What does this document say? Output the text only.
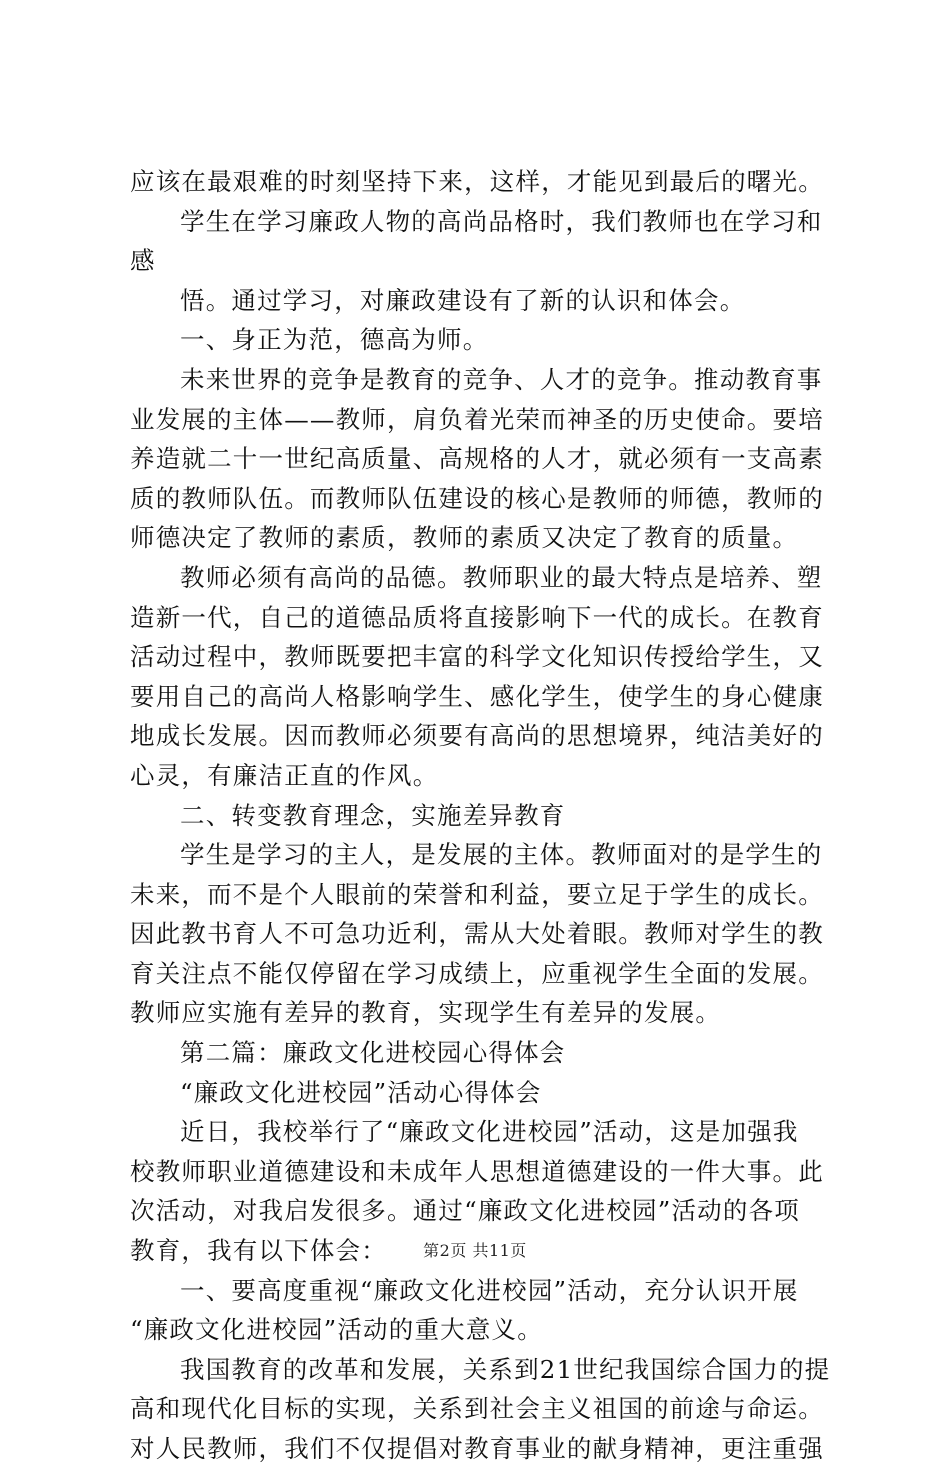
应该在最艰难的时刻坚持下来，这样，才能见到最后的曙光。
学生在学习廉政人物的高尚品格时，我们教师也在学习和
感
悟。通过学习，对廉政建设有了新的认识和体会。
一、身正为范，德高为师。
未来世界的竞争是教育的竞争、人才的竞争。推动教育事
业发展的主体——教师，肩负着光荣而神圣的历史使命。要培
养造就二十一世纪高质量、高规格的人才，就必须有一支高素
质的教师队伍。而教师队伍建设的核心是教师的师德，教师的
师德决定了教师的素质，教师的素质又决定了教育的质量。
教师必须有高尚的品德。教师职业的最大特点是培养、塑
造新一代，自己的道德品质将直接影响下一代的成长。在教育
活动过程中，教师既要把丰富的科学文化知识传授给学生，又
要用自己的高尚人格影响学生、感化学生，使学生的身心健康
地成长发展。因而教师必须要有高尚的思想境界，纯洁美好的
心灵，有廉洁正直的作风。
二、转变教育理念，实施差异教育
学生是学习的主人，是发展的主体。教师面对的是学生的
未来，而不是个人眼前的荣誉和利益，要立足于学生的成长。
因此教书育人不可急功近利，需从大处着眼。教师对学生的教
育关注点不能仅停留在学习成绩上，应重视学生全面的发展。
教师应实施有差异的教育，实现学生有差异的发展。
第二篇：廉政文化进校园心得体会
“廉政文化进校园”活动心得体会
近日，我校举行了“廉政文化进校园”活动，这是加强我
校教师职业道德建设和未成年人思想道德建设的一件大事。此
次活动，对我启发很多。通过“廉政文化进校园”活动的各项
教育，我有以下体会：
一、要高度重视“廉政文化进校园”活动，充分认识开展
“廉政文化进校园”活动的重大意义。
我国教育的改革和发展，关系到21世纪我国综合国力的提
高和现代化目标的实现，关系到社会主义祖国的前途与命运。
对人民教师，我们不仅提倡对教育事业的献身精神，更注重强
第2页 共11页
